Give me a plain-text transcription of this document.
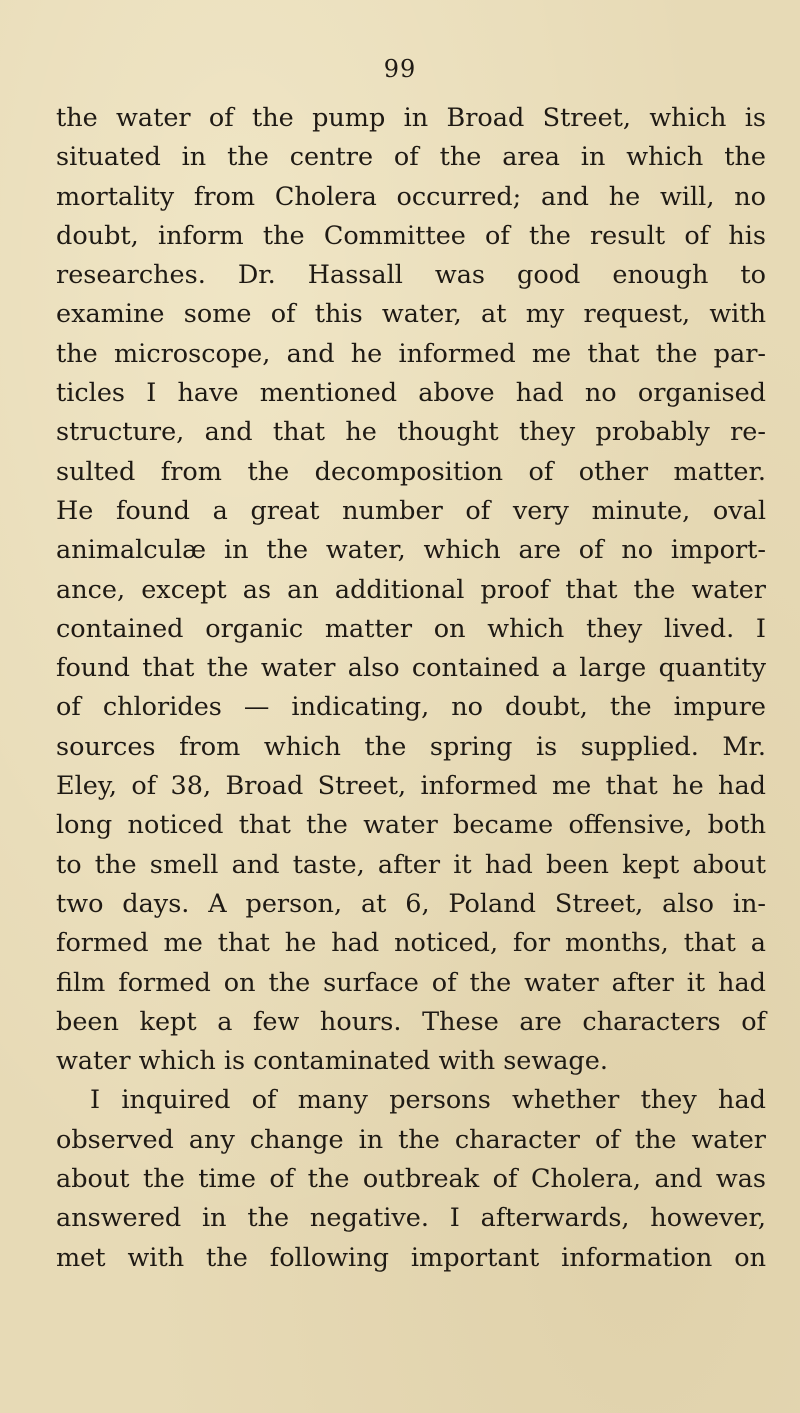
99
the water of the pump in Broad Street, which is
situated in the centre of the area in which the
mortality from Cholera occurred; and he will, no
doubt, inform the Committee of the result of his
researches. Dr. Hassall was good enough to
examine some of this water, at my request, with
the microscope, and he informed me that the par-
ticles I have mentioned above had no organised
structure, and that he thought they probably re-
sulted from the decomposition of other matter.
He found a great number of very minute, oval
animalculæ in the water, which are of no import-
ance, except as an additional proof that the water
contained organic matter on which they lived. I
found that the water also contained a large quantity
of chlorides — indicating, no doubt, the impure
sources from which the spring is supplied. Mr.
Eley, of 38, Broad Street, informed me that he had
long noticed that the water became offensive, both
to the smell and taste, after it had been kept about
two days. A person, at 6, Poland Street, also in-
formed me that he had noticed, for months, that a
film formed on the surface of the water after it had
been kept a few hours. These are characters of
water which is contaminated with sewage.
I inquired of many persons whether they had
observed any change in the character of the water
about the time of the outbreak of Cholera, and was
answered in the negative. I afterwards, however,
met with the following important information on
